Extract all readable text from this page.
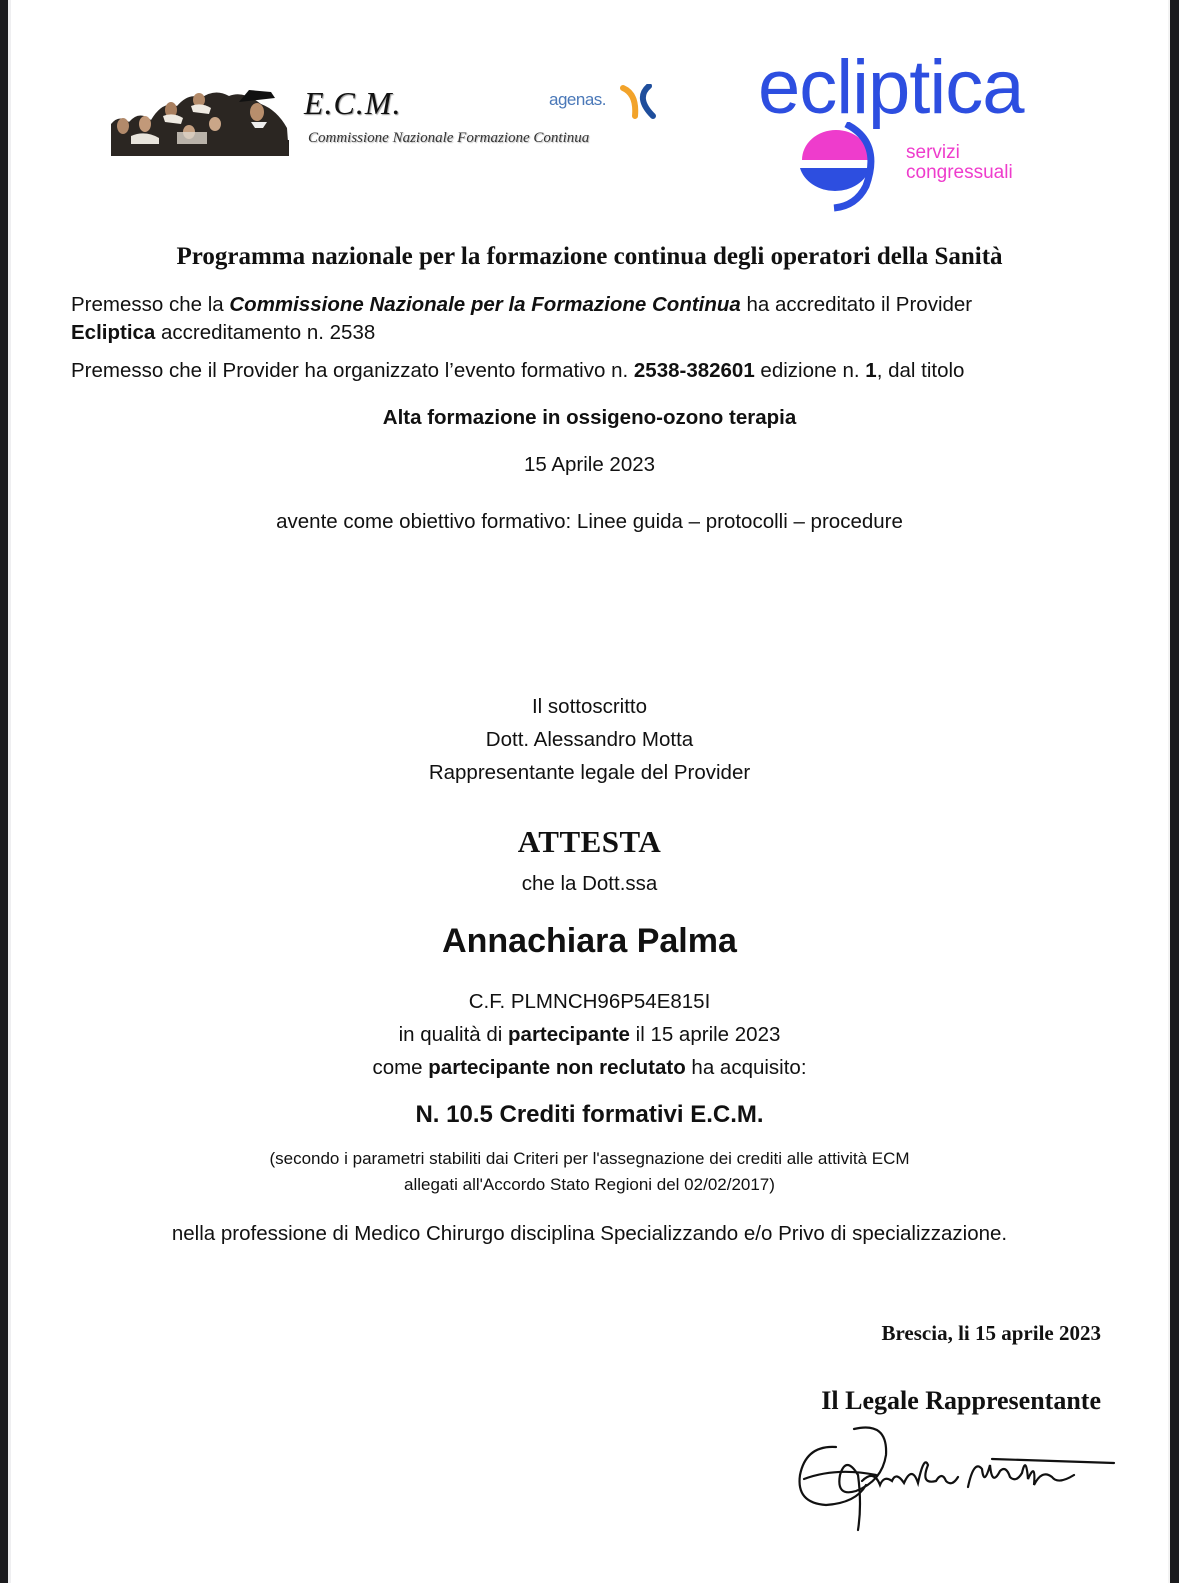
E.C.M.
Commissione Nazionale Formazione Continua
agenas. ecliptica
servizi
congressuali
Programma nazionale per la formazione continua degli operatori della Sanità
Premesso che la Commissione Nazionale per la Formazione Continua ha accreditato il Provider
Ecliptica accreditamento n. 2538
Premesso che il Provider ha organizzato l’evento formativo n. 2538-382601 edizione n. 1, dal titolo
Alta formazione in ossigeno-ozono terapia
15 Aprile 2023
avente come obiettivo formativo: Linee guida – protocolli – procedure
Il sottoscritto
Dott. Alessandro Motta
Rappresentante legale del Provider
ATTESTA
che la Dott.ssa
Annachiara Palma
C.F. PLMNCH96P54E815I
in qualità di partecipante il 15 aprile 2023
come partecipante non reclutato ha acquisito:
N. 10.5 Crediti formativi E.C.M.
(secondo i parametri stabiliti dai Criteri per l'assegnazione dei crediti alle attività ECM
allegati all'Accordo Stato Regioni del 02/02/2017)
nella professione di Medico Chirurgo disciplina Specializzando e/o Privo di specializzazione.
Brescia, li 15 aprile 2023
Il Legale Rappresentante
